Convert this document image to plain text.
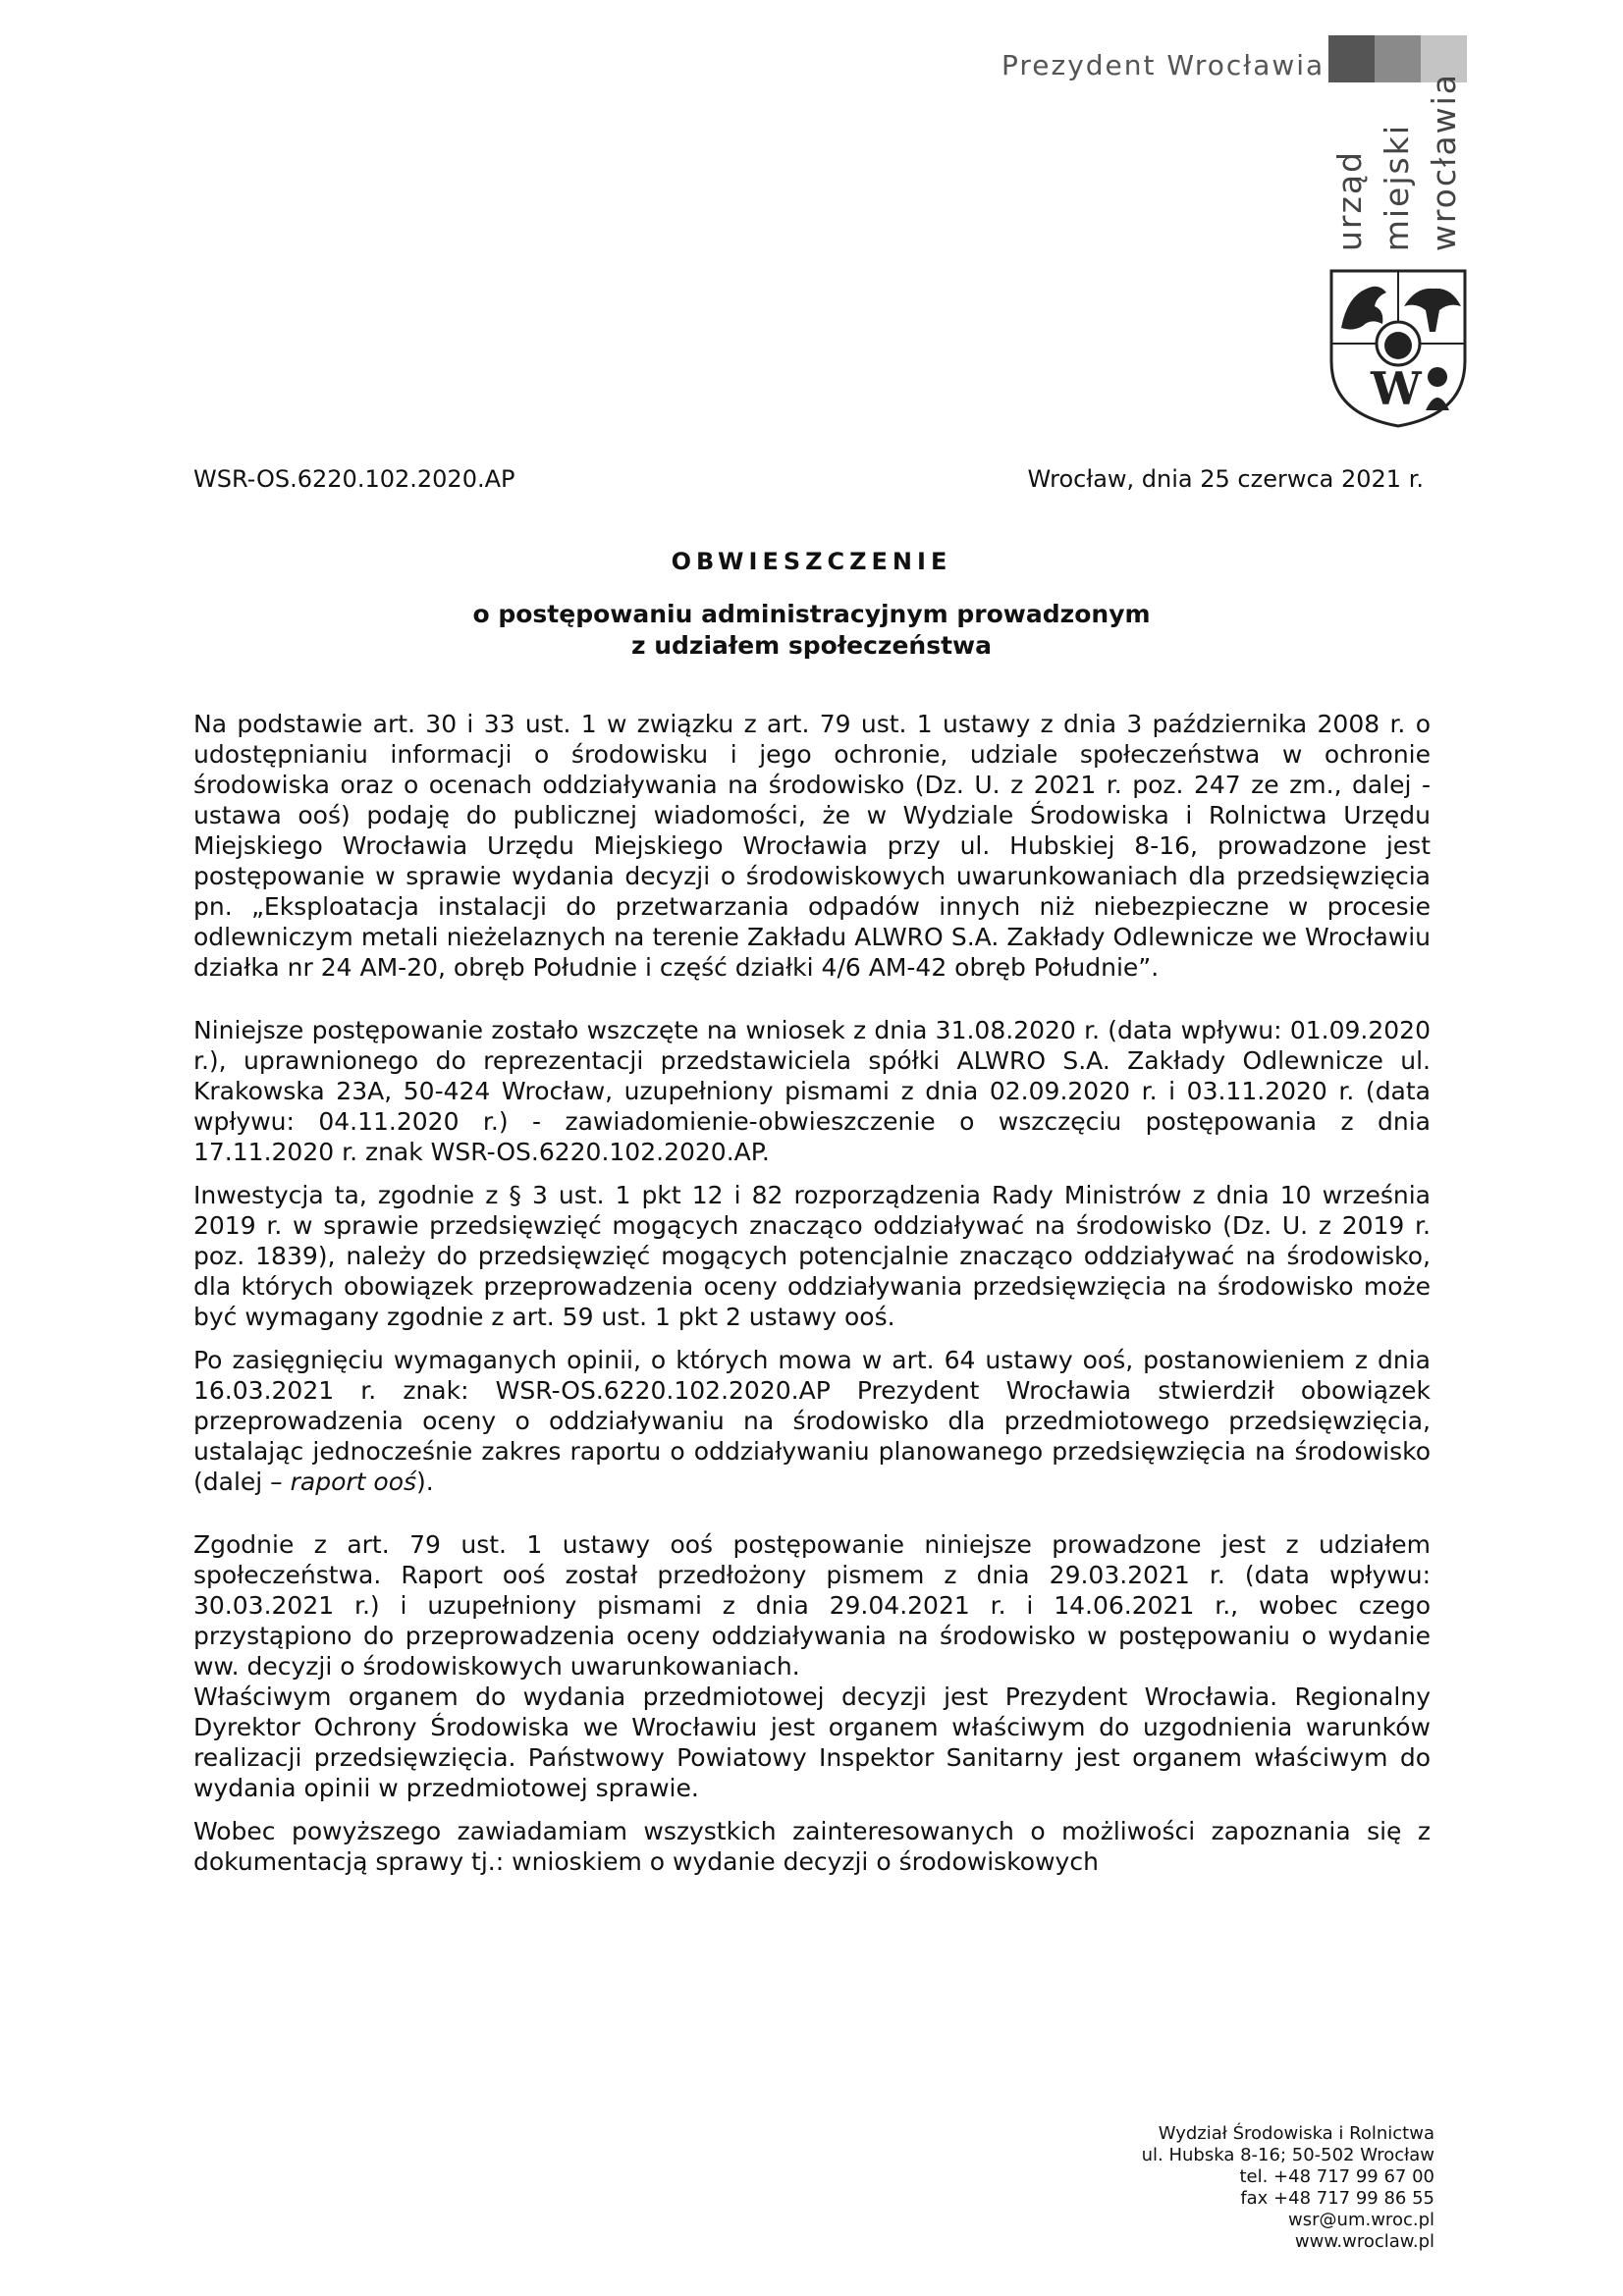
Prezydent Wrocławia
urząd miejski wrocławia
W
WSR-OS.6220.102.2020.AP	Wrocław, dnia 25 czerwca 2021 r.
OBWIESZCZENIE
o postępowaniu administracyjnym prowadzonym
z udziałem społeczeństwa

Na podstawie art. 30 i 33 ust. 1 w związku z art. 79 ust. 1 ustawy z dnia 3 października 2008 r. o udostępnianiu informacji o środowisku i jego ochronie, udziale społeczeństwa w ochronie środowiska oraz o ocenach oddziaływania na środowisko (Dz. U. z 2021 r. poz. 247 ze zm., dalej - ustawa ooś) podaję do publicznej wiadomości, że w Wydziale Środowiska i Rolnictwa Urzędu Miejskiego Wrocławia Urzędu Miejskiego Wrocławia przy ul. Hubskiej 8-16, prowadzone jest postępowanie w sprawie wydania decyzji o środowiskowych uwarunkowaniach dla przedsięwzięcia pn. „Eksploatacja instalacji do przetwarzania odpadów innych niż niebezpieczne w procesie odlewniczym metali nieżelaznych na terenie Zakładu ALWRO S.A. Zakłady Odlewnicze we Wrocławiu działka nr 24 AM-20, obręb Południe i część działki 4/6 AM-42 obręb Południe”.

Niniejsze postępowanie zostało wszczęte na wniosek z dnia 31.08.2020 r. (data wpływu: 01.09.2020 r.), uprawnionego do reprezentacji przedstawiciela spółki ALWRO S.A. Zakłady Odlewnicze ul. Krakowska 23A, 50-424 Wrocław, uzupełniony pismami z dnia 02.09.2020 r. i 03.11.2020 r. (data wpływu: 04.11.2020 r.) - zawiadomienie-obwieszczenie o wszczęciu postępowania z dnia 17.11.2020 r. znak WSR-OS.6220.102.2020.AP.

Inwestycja ta, zgodnie z § 3 ust. 1 pkt 12 i 82 rozporządzenia Rady Ministrów z dnia 10 września 2019 r. w sprawie przedsięwzięć mogących znacząco oddziaływać na środowisko (Dz. U. z 2019 r. poz. 1839), należy do przedsięwzięć mogących potencjalnie znacząco oddziaływać na środowisko, dla których obowiązek przeprowadzenia oceny oddziaływania przedsięwzięcia na środowisko może być wymagany zgodnie z art. 59 ust. 1 pkt 2 ustawy ooś.

Po zasięgnięciu wymaganych opinii, o których mowa w art. 64 ustawy ooś, postanowieniem z dnia 16.03.2021 r. znak: WSR-OS.6220.102.2020.AP Prezydent Wrocławia stwierdził obowiązek przeprowadzenia oceny o oddziaływaniu na środowisko dla przedmiotowego przedsięwzięcia, ustalając jednocześnie zakres raportu o oddziaływaniu planowanego przedsięwzięcia na środowisko (dalej – raport ooś).

Zgodnie z art. 79 ust. 1 ustawy ooś postępowanie niniejsze prowadzone jest z udziałem społeczeństwa. Raport ooś został przedłożony pismem z dnia 29.03.2021 r. (data wpływu: 30.03.2021 r.) i uzupełniony pismami z dnia 29.04.2021 r. i 14.06.2021 r., wobec czego przystąpiono do przeprowadzenia oceny oddziaływania na środowisko w postępowaniu o wydanie ww. decyzji o środowiskowych uwarunkowaniach.

Właściwym organem do wydania przedmiotowej decyzji jest Prezydent Wrocławia. Regionalny Dyrektor Ochrony Środowiska we Wrocławiu jest organem właściwym do uzgodnienia warunków realizacji przedsięwzięcia. Państwowy Powiatowy Inspektor Sanitarny jest organem właściwym do wydania opinii w przedmiotowej sprawie.

Wobec powyższego zawiadamiam wszystkich zainteresowanych o możliwości zapoznania się z dokumentacją sprawy tj.: wnioskiem o wydanie decyzji o środowiskowych

Wydział Środowiska i Rolnictwa
ul. Hubska 8-16; 50-502 Wrocław
tel. +48 717 99 67 00
fax +48 717 99 86 55
wsr@um.wroc.pl
www.wroclaw.pl
